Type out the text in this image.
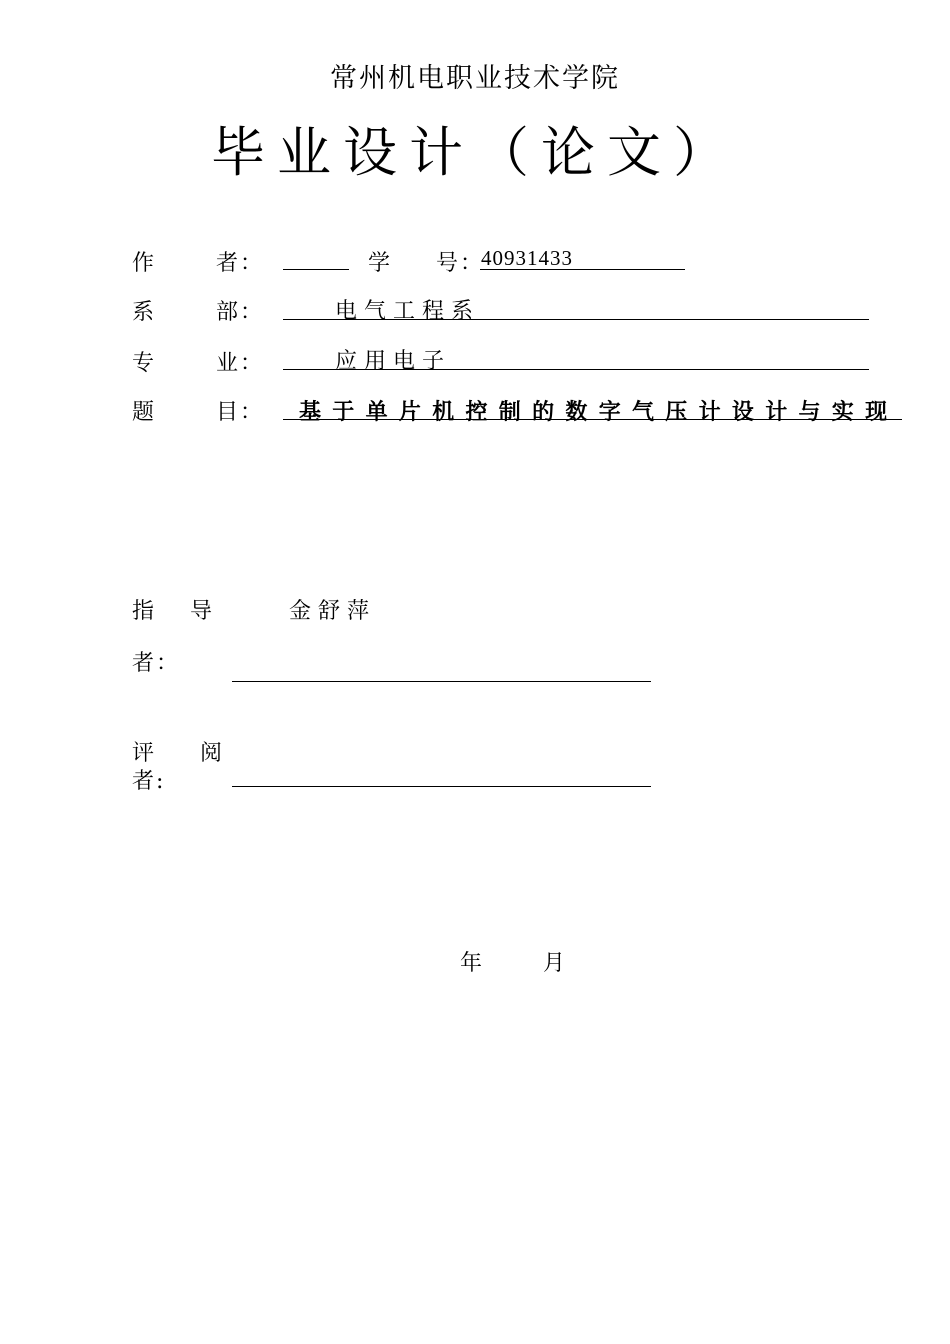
常州机电职业技术学院
毕业设计（论文）
作	者：	学 号：
40931433
系	部：	电气工程系
专	业：	应用电子
题	目： 基于单片机控制的数字气压计设计与实现
指 导	金舒萍
者：
评 阅
者:
年	月
